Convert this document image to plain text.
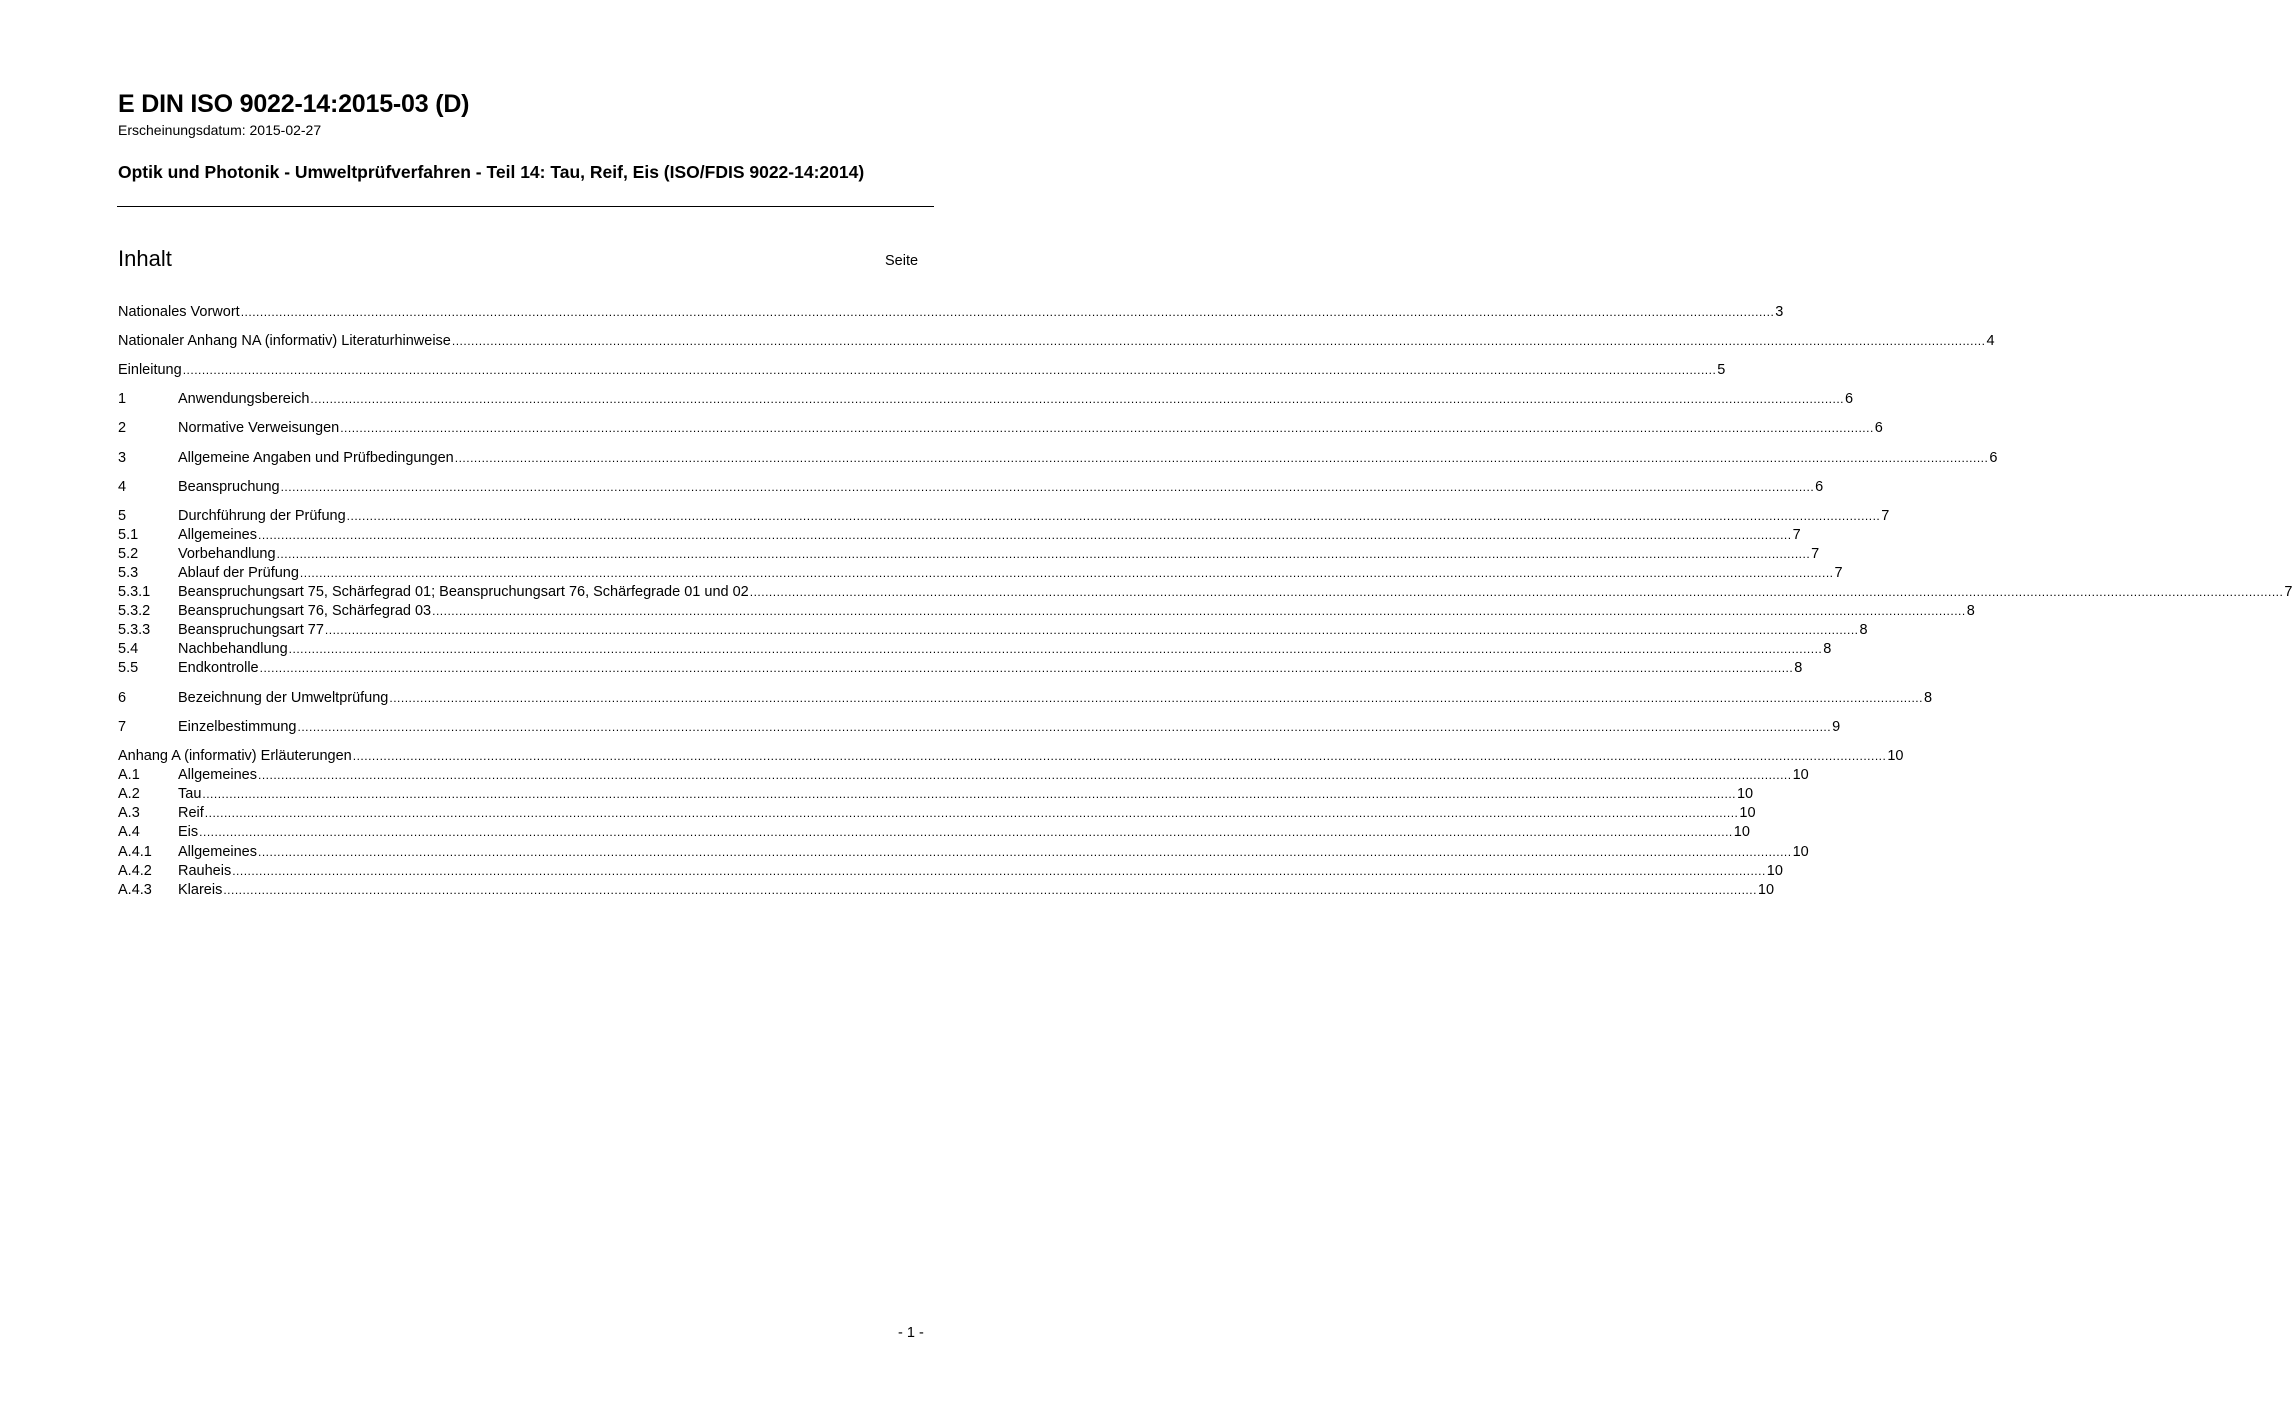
E DIN ISO 9022-14:2015-03 (D)
Erscheinungsdatum: 2015-02-27
Optik und Photonik - Umweltprüfverfahren - Teil 14: Tau, Reif, Eis (ISO/FDIS 9022-14:2014)
Inhalt	Seite
Nationales Vorwort ................................................................................................................................................................................................................................................................................................................................................................................................................ 3
Nationaler Anhang NA (informativ) Literaturhinweise ................................................................................................................................................................................................................................................................................................................................................................................................................ 4
Einleitung ................................................................................................................................................................................................................................................................................................................................................................................................................ 5
1	Anwendungsbereich ................................................................................................................................................................................................................................................................................................................................................................................................................ 6
2	Normative Verweisungen ................................................................................................................................................................................................................................................................................................................................................................................................................ 6
3	Allgemeine Angaben und Prüfbedingungen ................................................................................................................................................................................................................................................................................................................................................................................................................ 6
4	Beanspruchung ................................................................................................................................................................................................................................................................................................................................................................................................................ 6
5	Durchführung der Prüfung ................................................................................................................................................................................................................................................................................................................................................................................................................ 7
5.1	Allgemeines ................................................................................................................................................................................................................................................................................................................................................................................................................ 7
5.2	Vorbehandlung ................................................................................................................................................................................................................................................................................................................................................................................................................ 7
5.3	Ablauf der Prüfung ................................................................................................................................................................................................................................................................................................................................................................................................................ 7
5.3.1 Beanspruchungsart 75, Schärfegrad 01; Beanspruchungsart 76, Schärfegrade 01 und 02 ................................................................................................................................................................................................................................................................................................................................................................................................................ 7
5.3.2 Beanspruchungsart 76, Schärfegrad 03 ................................................................................................................................................................................................................................................................................................................................................................................................................ 8
5.3.3 Beanspruchungsart 77 ................................................................................................................................................................................................................................................................................................................................................................................................................ 8
5.4	Nachbehandlung ................................................................................................................................................................................................................................................................................................................................................................................................................ 8
5.5	Endkontrolle ................................................................................................................................................................................................................................................................................................................................................................................................................ 8
6	Bezeichnung der Umweltprüfung ................................................................................................................................................................................................................................................................................................................................................................................................................ 8
7	Einzelbestimmung ................................................................................................................................................................................................................................................................................................................................................................................................................ 9
Anhang A (informativ) Erläuterungen ................................................................................................................................................................................................................................................................................................................................................................................................................ 10
A.1	Allgemeines ................................................................................................................................................................................................................................................................................................................................................................................................................ 10
A.2	Tau ................................................................................................................................................................................................................................................................................................................................................................................................................ 10
A.3	Reif ................................................................................................................................................................................................................................................................................................................................................................................................................ 10
A.4	Eis ................................................................................................................................................................................................................................................................................................................................................................................................................ 10
A.4.1 Allgemeines ................................................................................................................................................................................................................................................................................................................................................................................................................ 10
A.4.2 Rauheis ................................................................................................................................................................................................................................................................................................................................................................................................................ 10
A.4.3 Klareis ................................................................................................................................................................................................................................................................................................................................................................................................................ 10
- 1 -
